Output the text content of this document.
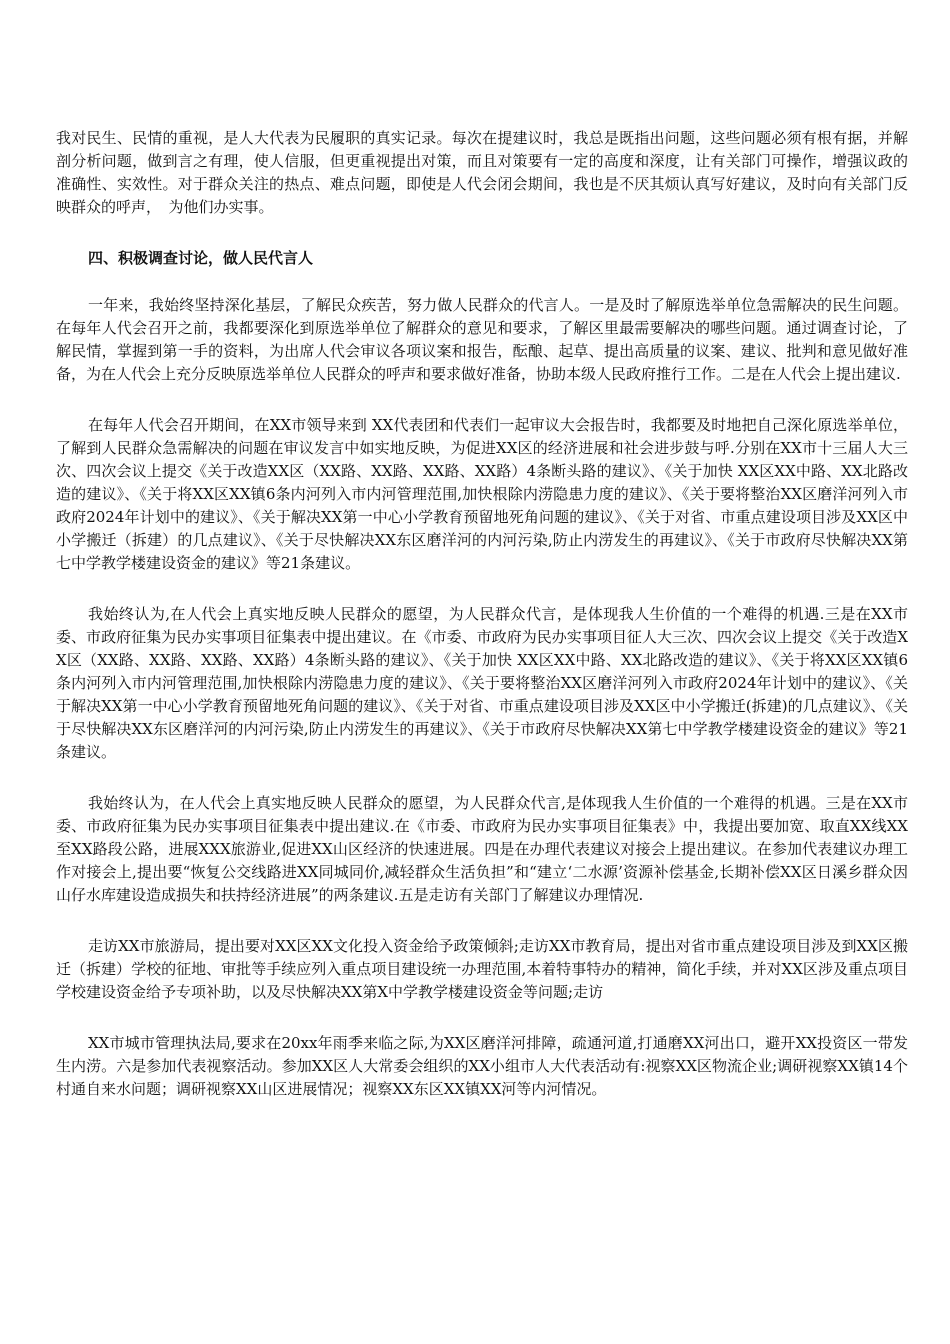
我对民生、民情的重视，是人大代表为民履职的真实记录。每次在提建议时，我总是既指出问题，这些问题必须有根有据，并解剖分析问题，做到言之有理，使人信服，但更重视提出对策，而且对策要有一定的高度和深度，让有关部门可操作，增强议政的准确性、实效性。对于群众关注的热点、难点问题，即使是人代会闭会期间，我也是不厌其烦认真写好建议，及时向有关部门反映群众的呼声，　为他们办实事。

四、积极调查讨论，做人民代言人

一年来，我始终坚持深化基层，了解民众疾苦，努力做人民群众的代言人。一是及时了解原选举单位急需解决的民生问题。在每年人代会召开之前，我都要深化到原选举单位了解群众的意见和要求，了解区里最需要解决的哪些问题。通过调查讨论，了解民情，掌握到第一手的资料，为出席人代会审议各项议案和报告，酝酿、起草、提出高质量的议案、建议、批判和意见做好准备，为在人代会上充分反映原选举单位人民群众的呼声和要求做好准备，协助本级人民政府推行工作。二是在人代会上提出建议.

在每年人代会召开期间，在XX市领导来到 XX代表团和代表们一起审议大会报告时，我都要及时地把自己深化原选举单位，了解到人民群众急需解决的问题在审议发言中如实地反映，为促进XX区的经济进展和社会进步鼓与呼.分别在XX市十三届人大三次、四次会议上提交《关于改造XX区（XX路、XX路、XX路、XX路）4条断头路的建议》、《关于加快 XX区XX中路、XX北路改造的建议》、《关于将XX区XX镇6条内河列入市内河管理范围,加快根除内涝隐患力度的建议》、《关于要将整治XX区磨洋河列入市政府2024年计划中的建议》、《关于解决XX第一中心小学教育预留地死角问题的建议》、《关于对省、市重点建设项目涉及XX区中小学搬迁（拆建）的几点建议》、《关于尽快解决XX东区磨洋河的内河污染,防止内涝发生的再建议》、《关于市政府尽快解决XX第七中学教学楼建设资金的建议》等21条建议。

我始终认为,在人代会上真实地反映人民群众的愿望，为人民群众代言，是体现我人生价值的一个难得的机遇.三是在XX市委、市政府征集为民办实事项目征集表中提出建议。在《市委、市政府为民办实事项目征人大三次、四次会议上提交《关于改造XX区（XX路、XX路、XX路、XX路）4条断头路的建议》、《关于加快 XX区XX中路、XX北路改造的建议》、《关于将XX区XX镇6条内河列入市内河管理范围,加快根除内涝隐患力度的建议》、《关于要将整治XX区磨洋河列入市政府2024年计划中的建议》、《关于解决XX第一中心小学教育预留地死角问题的建议》、《关于对省、市重点建设项目涉及XX区中小学搬迁(拆建)的几点建议》、《关于尽快解决XX东区磨洋河的内河污染,防止内涝发生的再建议》、《关于市政府尽快解决XX第七中学教学楼建设资金的建议》等21条建议。

我始终认为，在人代会上真实地反映人民群众的愿望，为人民群众代言,是体现我人生价值的一个难得的机遇。三是在XX市委、市政府征集为民办实事项目征集表中提出建议.在《市委、市政府为民办实事项目征集表》中，我提出要加宽、取直XX线XX至XX路段公路，进展XXX旅游业,促进XX山区经济的快速进展。四是在办理代表建议对接会上提出建议。在参加代表建议办理工作对接会上,提出要“恢复公交线路进XX同城同价,减轻群众生活负担”和“建立‘二水源’资源补偿基金,长期补偿XX区日溪乡群众因山仔水库建设造成损失和扶持经济进展”的两条建议.五是走访有关部门了解建议办理情况.

走访XX市旅游局，提出要对XX区XX文化投入资金给予政策倾斜;走访XX市教育局，提出对省市重点建设项目涉及到XX区搬迁（拆建）学校的征地、审批等手续应列入重点项目建设统一办理范围,本着特事特办的精神，简化手续，并对XX区涉及重点项目学校建设资金给予专项补助，以及尽快解决XX第X中学教学楼建设资金等问题;走访

XX市城市管理执法局,要求在20xx年雨季来临之际,为XX区磨洋河排障，疏通河道,打通磨XX河出口，避开XX投资区一带发生内涝。六是参加代表视察活动。参加XX区人大常委会组织的XX小组市人大代表活动有:视察XX区物流企业;调研视察XX镇14个村通自来水问题；调研视察XX山区进展情况；视察XX东区XX镇XX河等内河情况。
